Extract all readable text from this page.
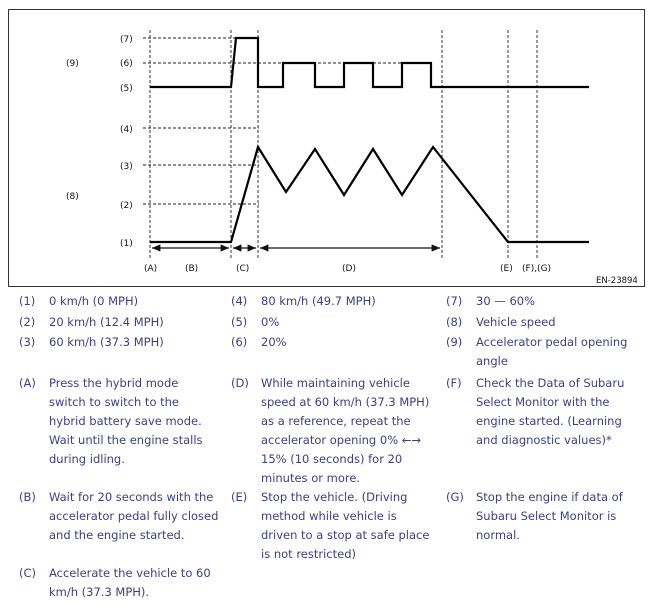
(9)
(8)
(7)
(6)
(5)
(4)
(3)
(2)
(1)
(A)	(B)	(C)	(D)	(E) (F),(G)
EN-23894
(1) 0 km/h (0 MPH)	(4) 80 km/h (49.7 MPH)	(7) 30 — 60%
(2) 20 km/h (12.4 MPH)	(5) 0%	(8) Vehicle speed
(3) 60 km/h (37.3 MPH)	(6) 20%	(9) Accelerator pedal opening
angle
(A) Press the hybrid mode
switch to switch to the
hybrid battery save mode.
Wait until the engine stalls
during idling.
(D) While maintaining vehicle
speed at 60 km/h (37.3 MPH)
as a reference, repeat the
accelerator opening 0% ←→
15% (10 seconds) for 20
minutes or more.
(F) Check the Data of Subaru
Select Monitor with the
engine started. (Learning
and diagnostic values)*
(B) Wait for 20 seconds with the
accelerator pedal fully closed
and the engine started.
(E) Stop the vehicle. (Driving
method while vehicle is
driven to a stop at safe place
is not restricted)
(G) Stop the engine if data of
Subaru Select Monitor is
normal.
(C) Accelerate the vehicle to 60
km/h (37.3 MPH).
